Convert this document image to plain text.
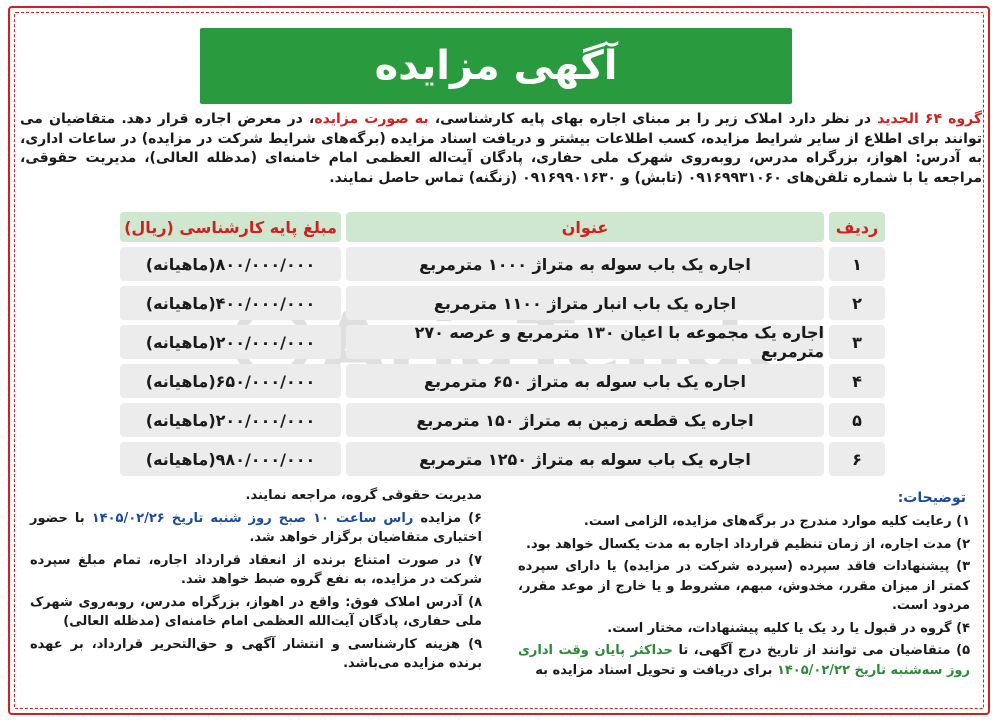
آگهی مزایده
گروه ۶۴ الحدید در نظر دارد املاک زیر را بر مبنای اجاره بهای پایه کارشناسی، به صورت مزایده، در معرض اجاره قرار دهد. متقاضیان می توانند برای اطلاع از سایر شرایط مزایده، کسب اطلاعات بیشتر و دریافت اسناد مزایده (برگه‌های شرایط شرکت در مزایده) در ساعات اداری، به آدرس: اهواز، بزرگراه مدرس، روبه‌روی شهرک ملی حفاری، پادگان آیت‌اله العظمی امام خامنه‌ای (مدظله العالی)، مدیریت حقوقی، مراجعه یا با شماره تلفن‌های ۰۹۱۶۹۹۳۱۰۶۰ (تابش) و ۰۹۱۶۹۹۰۱۶۳۰ (زنگنه) تماس حاصل نمایند.
ردیف
عنوان
مبلغ پایه کارشناسی (ریال)
۱
اجاره یک باب سوله به متراژ ۱۰۰۰ مترمربع
۸۰۰/۰۰۰/۰۰۰(ماهیانه)
۲
اجاره یک باب انبار متراژ ۱۱۰۰ مترمربع
۴۰۰/۰۰۰/۰۰۰(ماهیانه)
۳
اجاره یک مجموعه با اعیان ۱۳۰ مترمربع و عرصه ۲۷۰ مترمربع
۲۰۰/۰۰۰/۰۰۰(ماهیانه)
۴
اجاره یک باب سوله به متراژ ۶۵۰ مترمربع
۶۵۰/۰۰۰/۰۰۰(ماهیانه)
۵
اجاره یک قطعه زمین به متراژ ۱۵۰ مترمربع
۲۰۰/۰۰۰/۰۰۰(ماهیانه)
۶
اجاره یک باب سوله به متراژ ۱۲۵۰ مترمربع
۹۸۰/۰۰۰/۰۰۰(ماهیانه)
توضیحات:

۱) رعایت کلیه موارد مندرج در برگه‌های مزایده، الزامی است.

۲) مدت اجاره، از زمان تنظیم قرارداد اجاره به مدت یکسال خواهد بود.

۳) پیشنهادات فاقد سپرده (سپرده شرکت در مزایده) یا دارای سپرده کمتر از میزان مقرر، مخدوش، مبهم، مشروط و یا خارج از موعد مقرر، مردود است.

۴) گروه در قبول یا رد یک یا کلیه پیشنهادات، مختار است.

۵) متقاضیان می توانند از تاریخ درج آگهی، تا حداکثر پایان وقت اداری روز سه‌شنبه تاریخ ۱۴۰۵/۰۲/۲۲ برای دریافت و تحویل اسناد مزایده به

مدیریت حقوقی گروه، مراجعه نمایند.

۶) مزایده راس ساعت ۱۰ صبح روز شنبه تاریخ ۱۴۰۵/۰۲/۲۶ با حضور اختیاری متقاضیان برگزار خواهد شد.

۷) در صورت امتناع برنده از انعقاد قرارداد اجاره، تمام مبلغ سپرده شرکت در مزایده، به نفع گروه ضبط خواهد شد.

۸) آدرس املاک فوق: واقع در اهواز، بزرگراه مدرس، روبه‌روی شهرک ملی حفاری، پادگان آیت‌الله العظمی امام خامنه‌ای (مدظله العالی)

۹) هزینه کارشناسی و انتشار آگهی و حق‌التحریر قرارداد، بر عهده برنده مزایده می‌باشد.
